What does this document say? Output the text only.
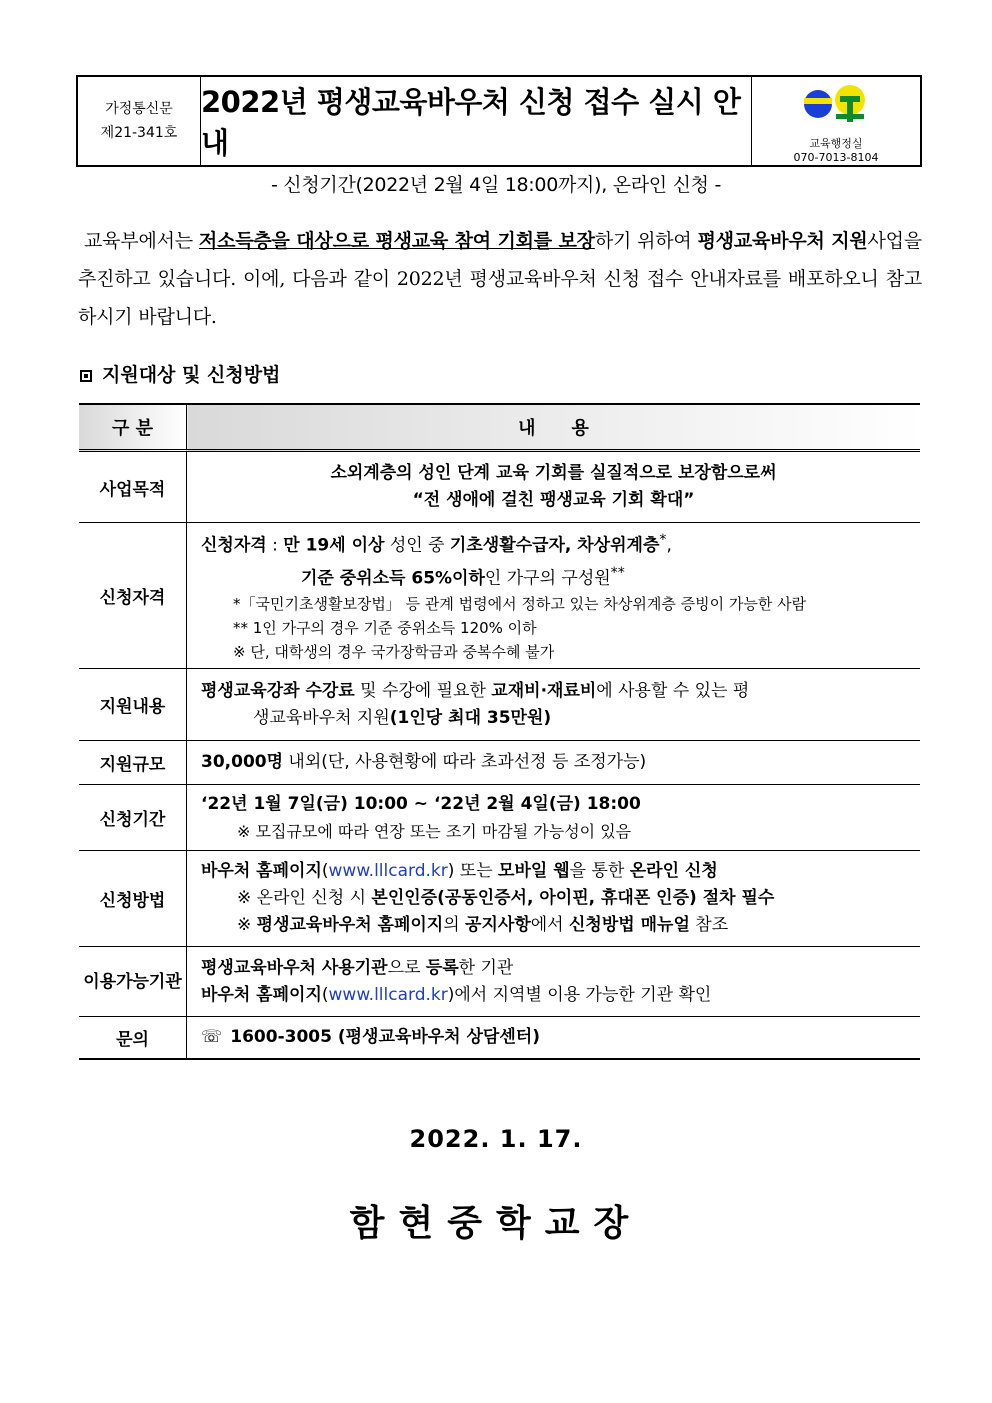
가정통신문
제21-341호
2022년 평생교육바우처 신청 접수 실시 안내	교육행정실
070-7013-8104
- 신청기간(2022년 2월 4일 18:00까지), 온라인 신청 -
교육부에서는 저소득층을 대상으로 평생교육 참여 기회를 보장하기 위하여 평생교육바우처 지원사업을 추진하고 있습니다. 이에, 다음과 같이 2022년 평생교육바우처 신청 접수 안내자료를 배포하오니 참고하시기 바랍니다.
지원대상 및 신청방법
구 분	내　　용
사업목적	소외계층의 성인 단계 교육 기회를 실질적으로 보장함으로써
“전 생애에 걸친 팽생교육 기회 확대”

신청자격	신청자격 : 만 19세 이상 성인 중 기초생활수급자, 차상위계층*,
기준 중위소득 65%이하인 가구의 구성원**
*「국민기초생활보장법」 등 관계 법령에서 정하고 있는 차상위계층 증빙이 가능한 사람
** 1인 가구의 경우 기준 중위소득 120% 이하
※ 단, 대학생의 경우 국가장학금과 중복수혜 불가

지원내용	평생교육강좌 수강료 및 수강에 필요한 교재비·재료비에 사용할 수 있는 평
생교육바우처 지원(1인당 최대 35만원)

지원규모	30,000명 내외(단, 사용현황에 따라 초과선정 등 조정가능)
신청기간	‘22년 1월 7일(금) 10:00 ~ ‘22년 2월 4일(금) 18:00
※ 모집규모에 따라 연장 또는 조기 마감될 가능성이 있음

신청방법	바우처 홈페이지(www.lllcard.kr) 또는 모바일 웹을 통한 온라인 신청
※ 온라인 신청 시 본인인증(공동인증서, 아이핀, 휴대폰 인증) 절차 필수
※ 평생교육바우처 홈페이지의 공지사항에서 신청방법 매뉴얼 참조

이용가능기관	평생교육바우처 사용기관으로 등록한 기관
바우처 홈페이지(www.lllcard.kr)에서 지역별 이용 가능한 기관 확인

문의	☏ 1600-3005 (평생교육바우처 상담센터)
2022. 1. 17.
함현중학교장
